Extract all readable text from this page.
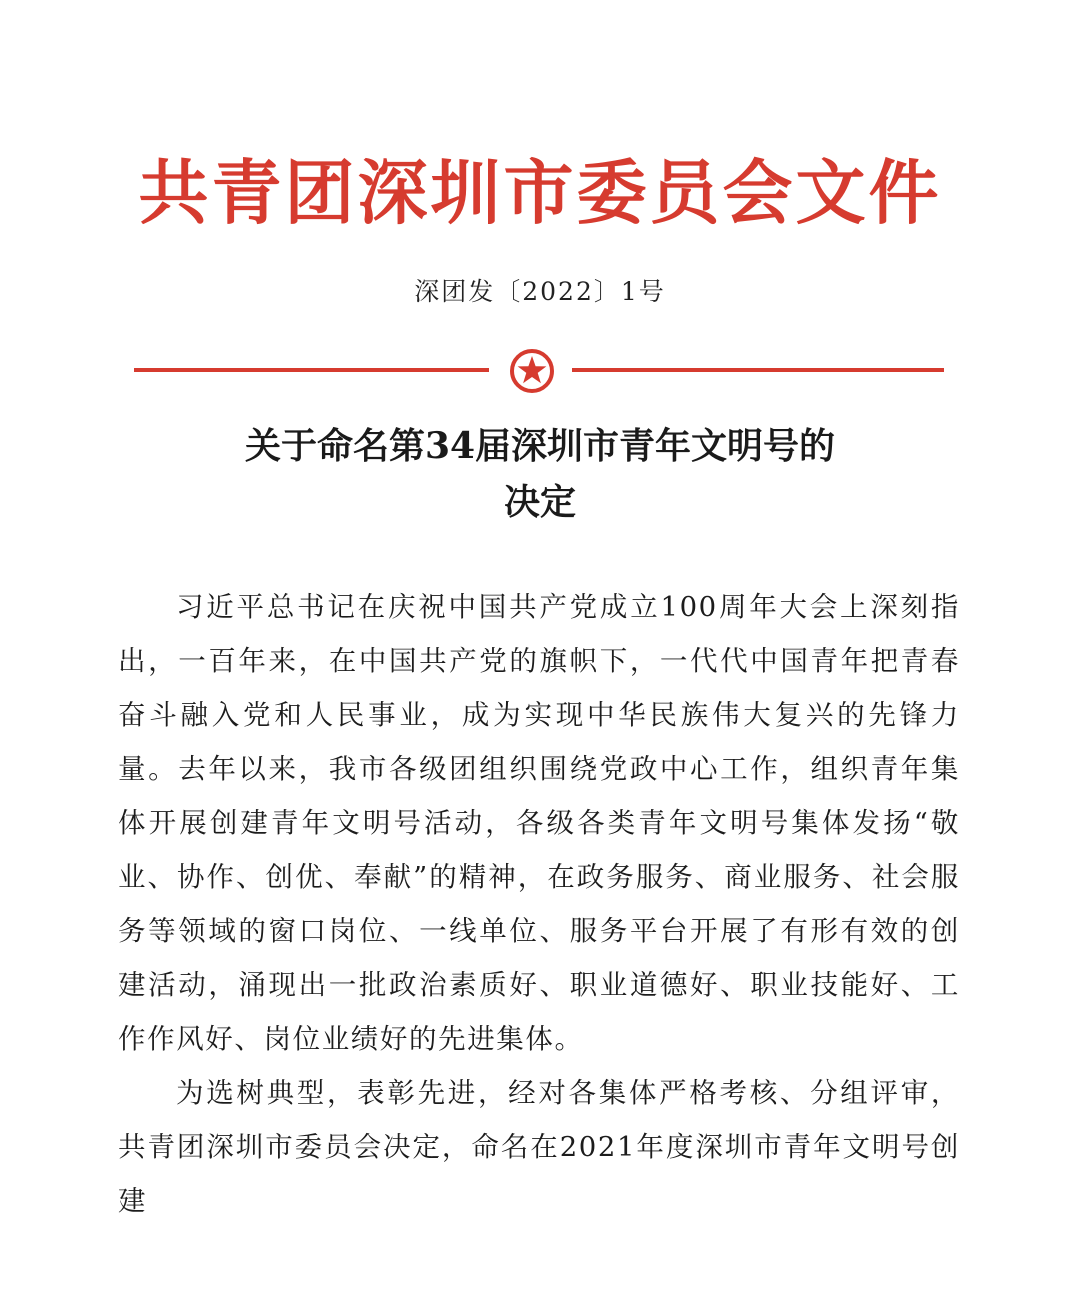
共青团深圳市委员会文件
深团发〔2022〕1号
关于命名第34届深圳市青年文明号的
决定

习近平总书记在庆祝中国共产党成立100周年大会上深刻指出，一百年来，在中国共产党的旗帜下，一代代中国青年把青春奋斗融入党和人民事业，成为实现中华民族伟大复兴的先锋力量。去年以来，我市各级团组织围绕党政中心工作，组织青年集体开展创建青年文明号活动，各级各类青年文明号集体发扬“敬业、协作、创优、奉献”的精神，在政务服务、商业服务、社会服务等领域的窗口岗位、一线单位、服务平台开展了有形有效的创建活动，涌现出一批政治素质好、职业道德好、职业技能好、工作作风好、岗位业绩好的先进集体。

为选树典型，表彰先进，经对各集体严格考核、分组评审，共青团深圳市委员会决定，命名在2021年度深圳市青年文明号创建
